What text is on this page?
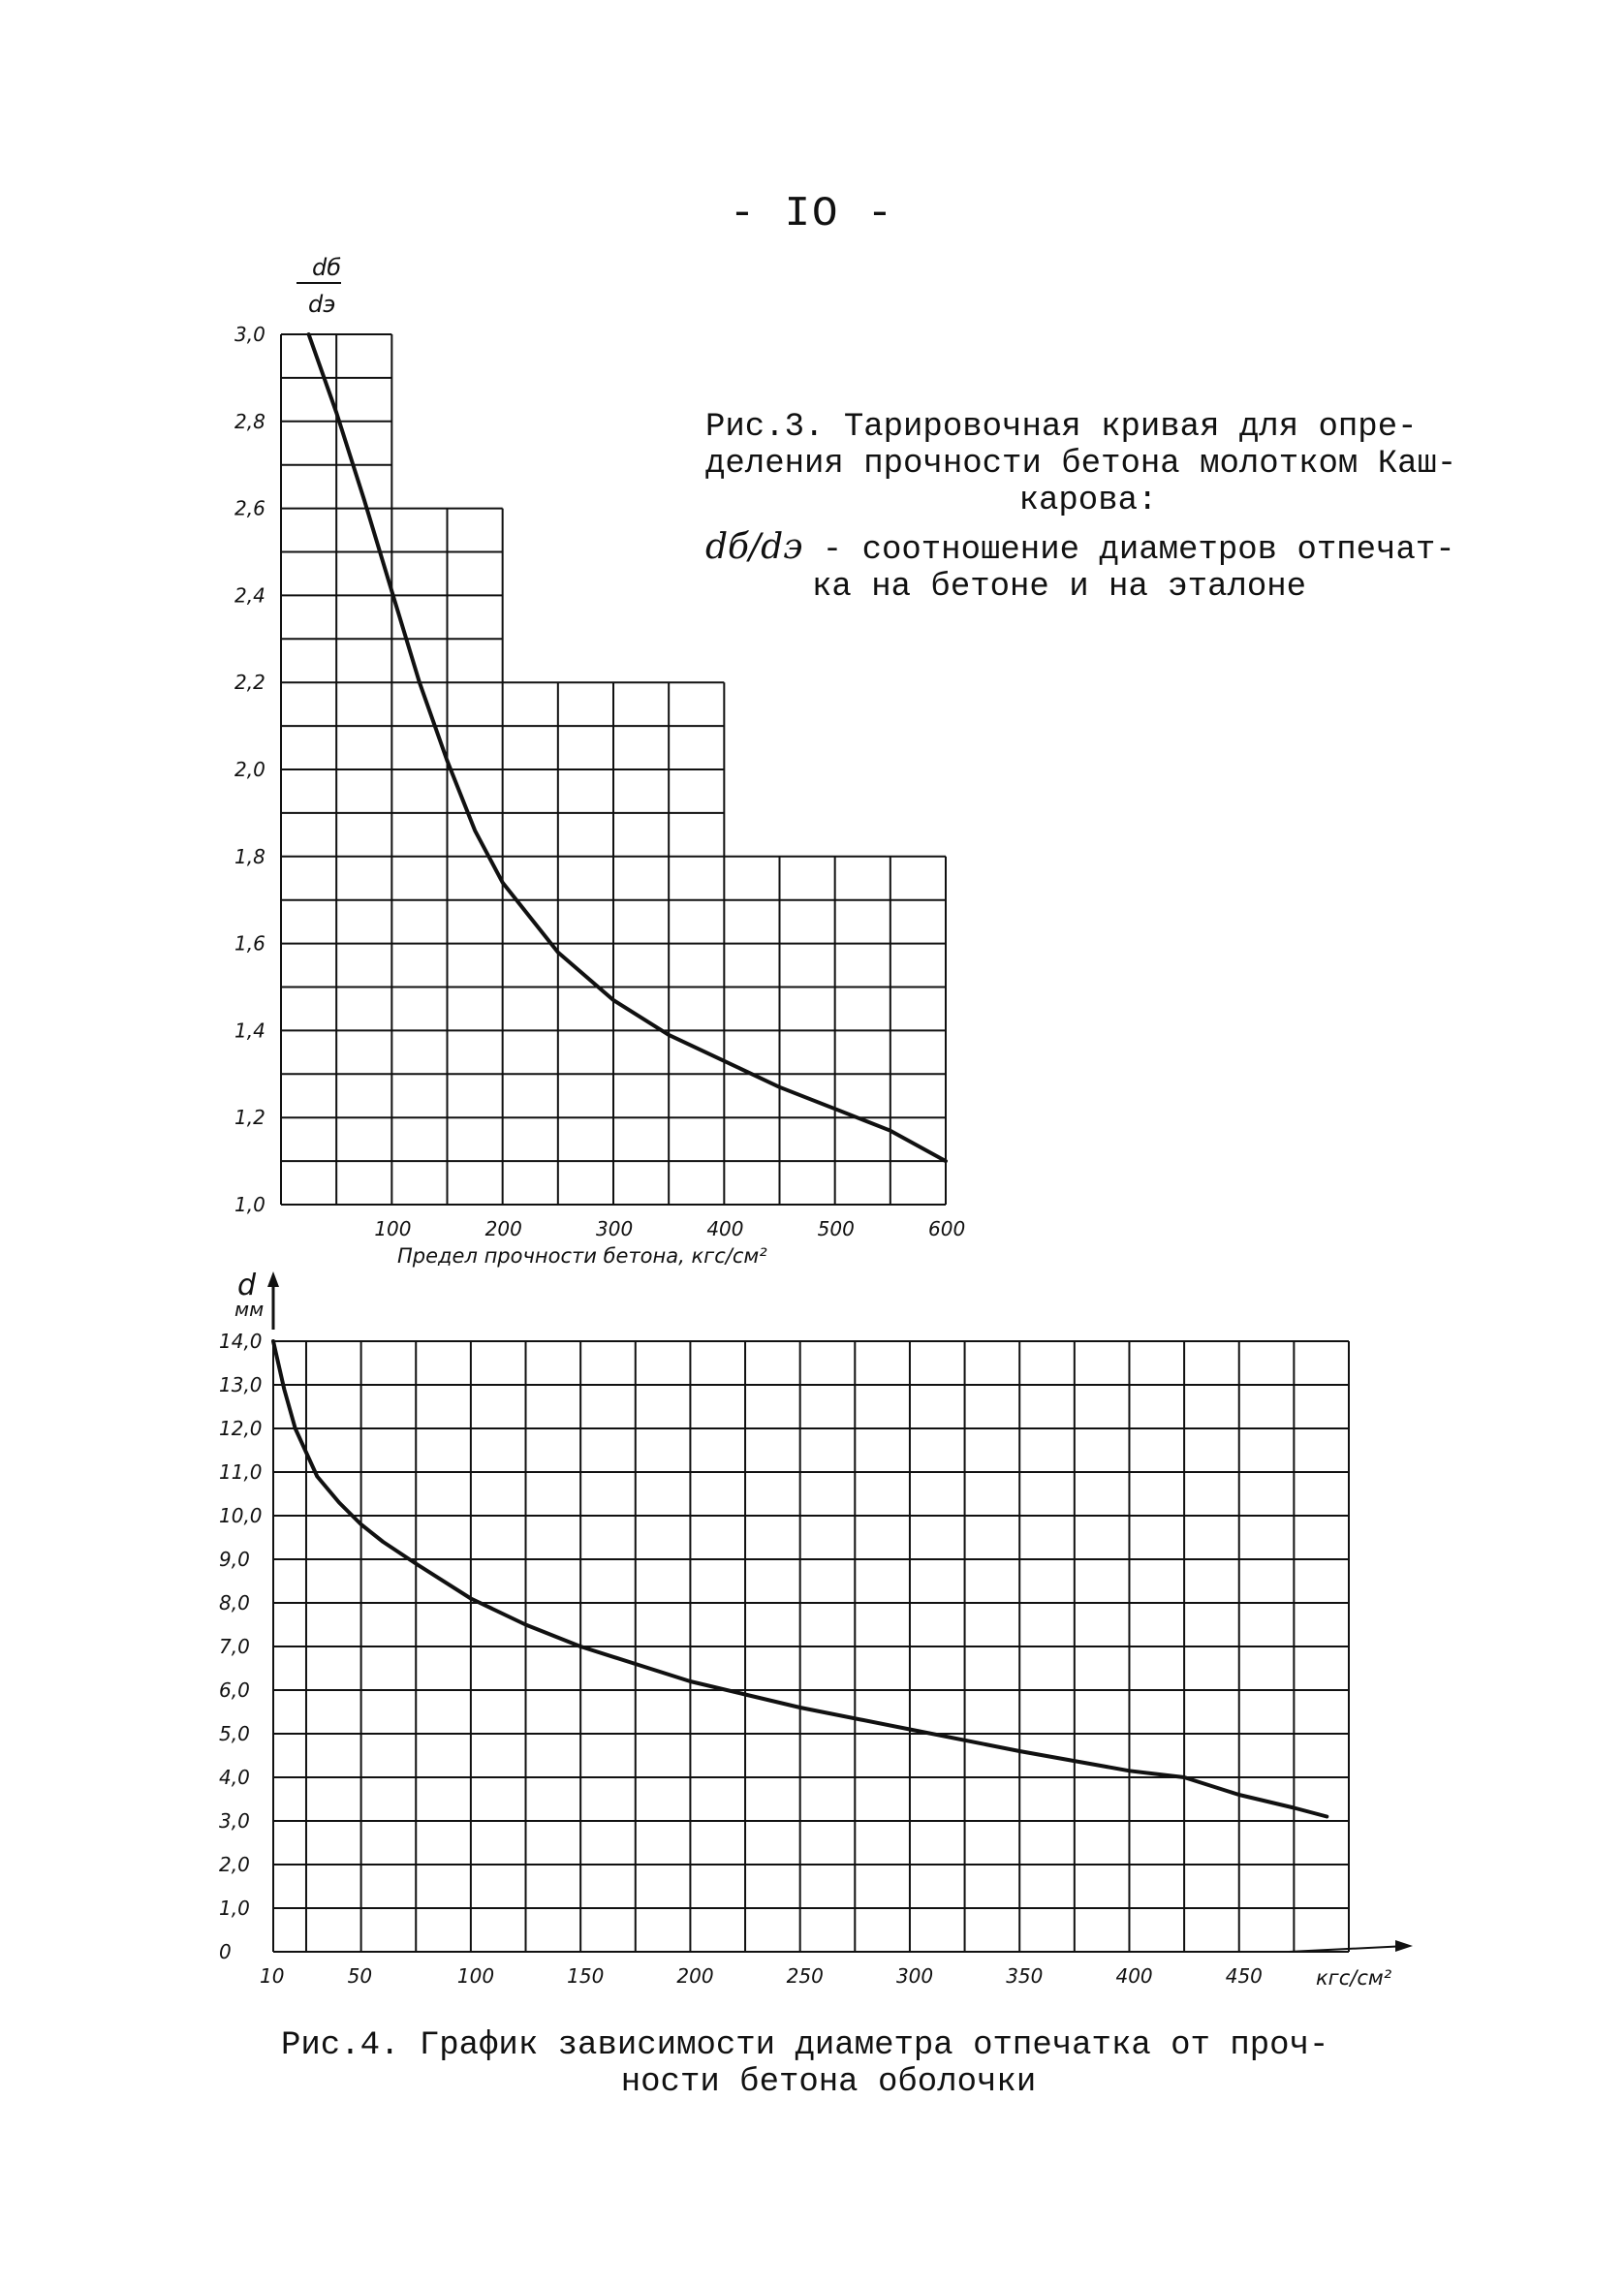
- IO -
1,0
1,2
1,4
1,6
1,8
2,0
2,2
2,4
2,6
2,8
3,0
100	200	300	400	500	600
dб
dэ
Предел прочности бетона, кгс/см²
0
1,0
2,0
3,0
4,0
5,0
6,0
7,0
8,0
9,0
10,0
11,0
12,0
13,0
14,0
10	50	100	150	200	250	300	350	400	450
d
мм
кгс/см²
Рис.3. Тарировочная кривая для опре-
деления прочности бетона молотком Каш-

карова:
dб/dэ - соотношение диаметров отпечат-
ка на бетоне и на эталоне
Рис.4. График зависимости диаметра отпечатка от проч-

ности бетона оболочки
